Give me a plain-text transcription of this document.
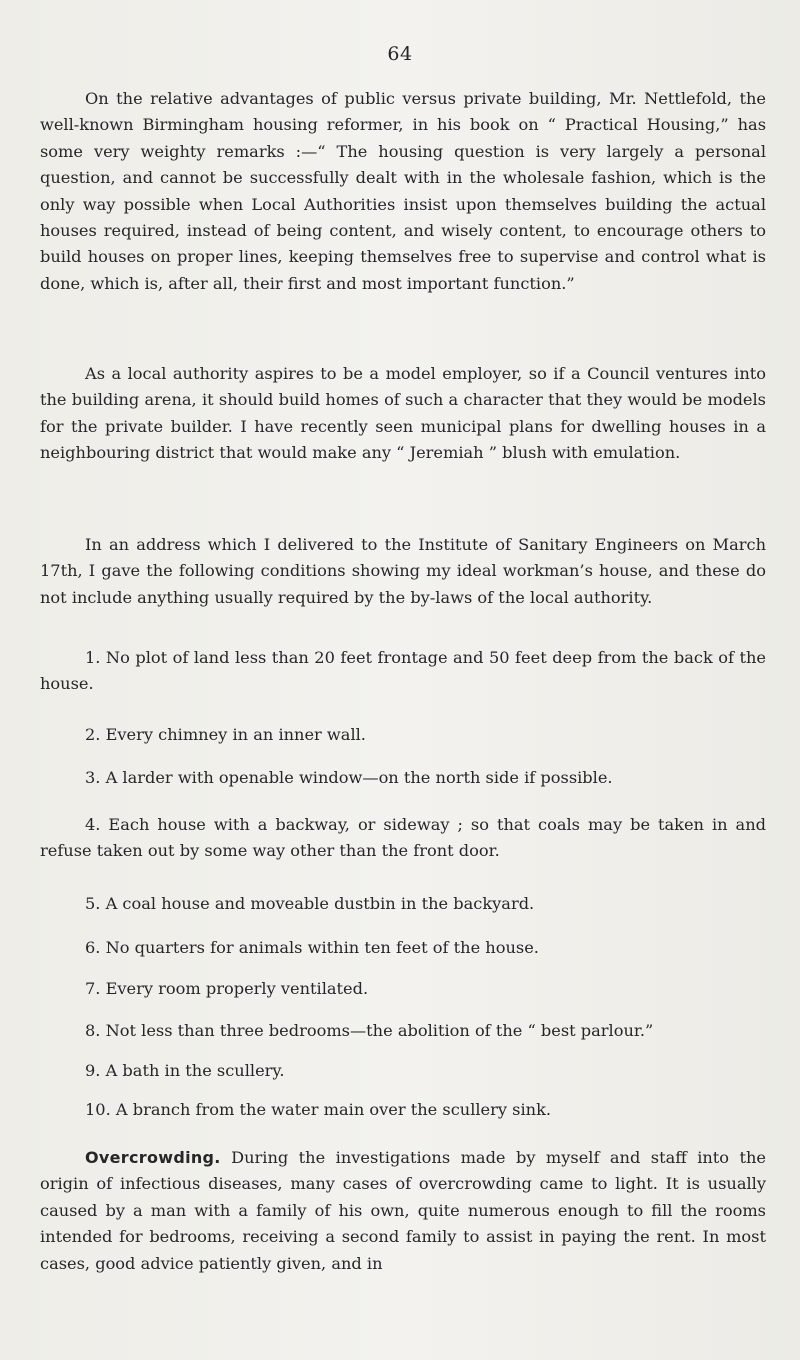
64

On the relative advantages of public versus private building, Mr. Nettlefold, the well-known Birmingham housing reformer, in his book on “ Practical Housing,” has some very weighty remarks :—“ The housing question is very largely a personal question, and cannot be successfully dealt with in the wholesale fashion, which is the only way possible when Local Authorities insist upon themselves building the actual houses required, instead of being content, and wisely content, to encourage others to build houses on proper lines, keeping themselves free to supervise and control what is done, which is, after all, their first and most important function.”

As a local authority aspires to be a model employer, so if a Council ventures into the building arena, it should build homes of such a character that they would be models for the private builder. I have recently seen municipal plans for dwelling houses in a neighbouring district that would make any “ Jeremiah ” blush with emulation.

In an address which I delivered to the Institute of Sanitary Engineers on March 17th, I gave the following conditions showing my ideal workman’s house, and these do not include anything usually required by the by-laws of the local authority.

1. No plot of land less than 20 feet frontage and 50 feet deep from the back of the house.

2. Every chimney in an inner wall.

3. A larder with openable window—on the north side if possible.

4. Each house with a backway, or sideway ; so that coals may be taken in and refuse taken out by some way other than the front door.

5. A coal house and moveable dustbin in the backyard.

6. No quarters for animals within ten feet of the house.

7. Every room properly ventilated.

8. Not less than three bedrooms—the abolition of the “ best parlour.”

9. A bath in the scullery.

10. A branch from the water main over the scullery sink.

Overcrowding. During the investigations made by myself and staff into the origin of infectious diseases, many cases of overcrowding came to light. It is usually caused by a man with a family of his own, quite numerous enough to fill the rooms intended for bedrooms, receiving a second family to assist in paying the rent. In most cases, good advice patiently given, and in
